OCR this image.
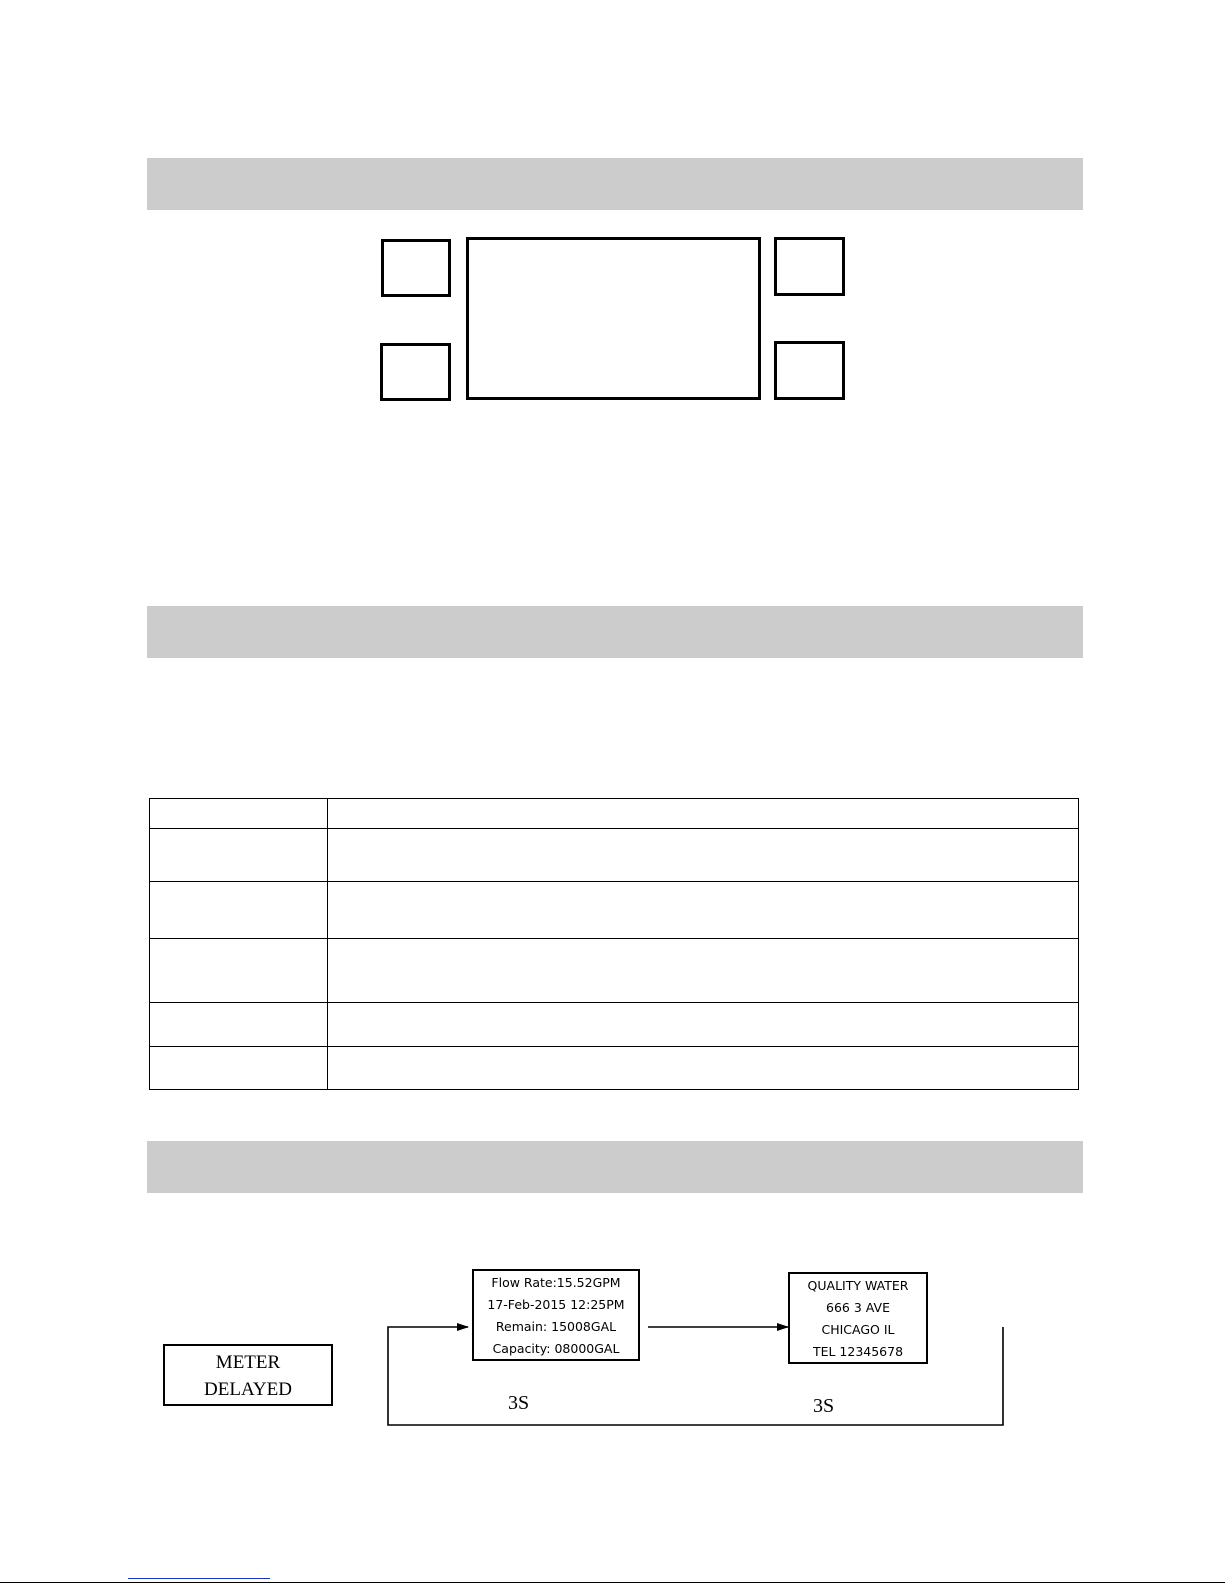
Flow Rate:15.52GPM
17-Feb-2015 12:25PM
Remain: 15008GAL
Capacity: 08000GAL
QUALITY WATER
666 3 AVE
CHICAGO IL
TEL 12345678
METER
DELAYED
3S	3S
